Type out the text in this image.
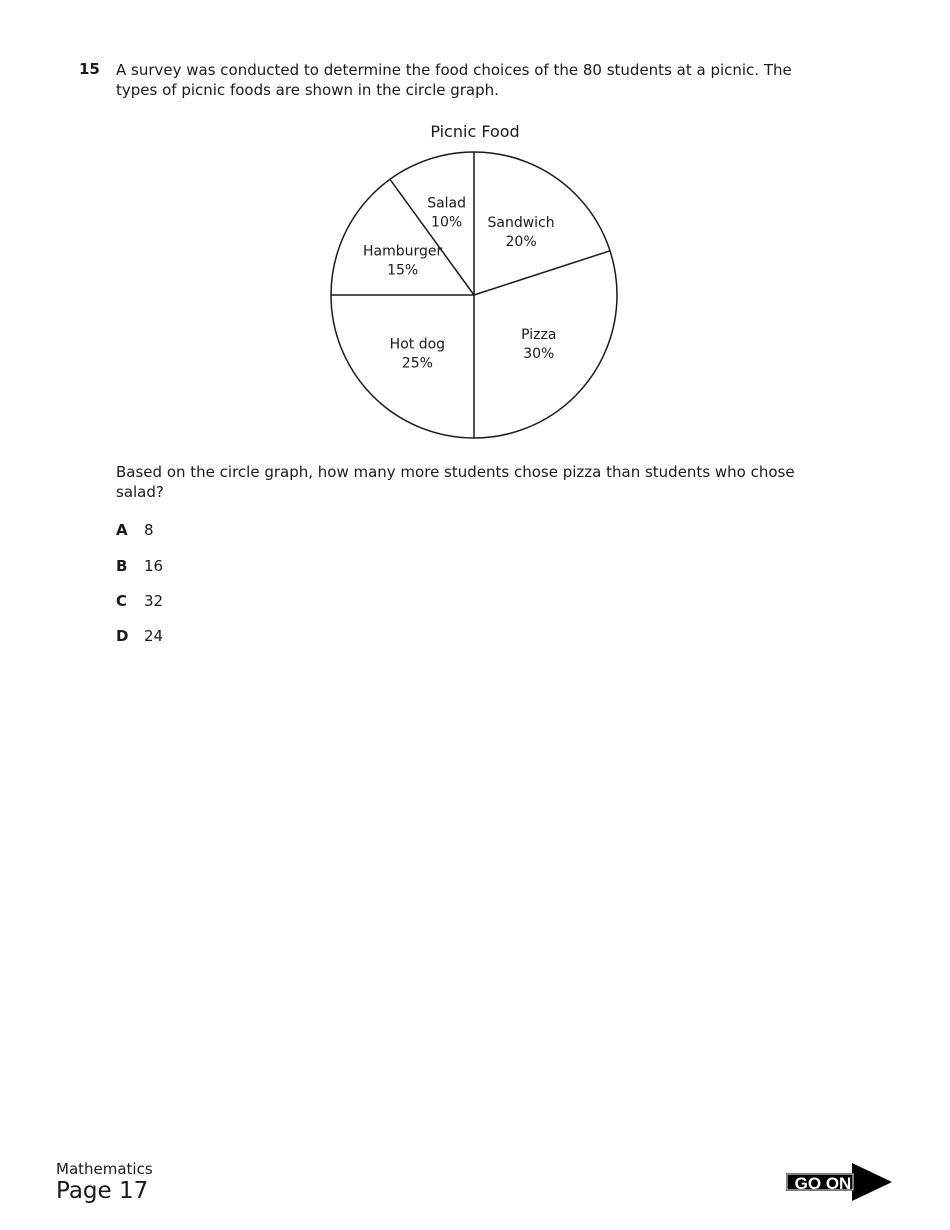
15 A survey was conducted to determine the food choices of the 80 students at a picnic. The types of picnic foods are shown in the circle graph.
Picnic Food
Sandwich
20%
Pizza
30%
Hot dog
25%
Hamburger
15%
Salad
10%
Based on the circle graph, how many more students chose pizza than students who chose salad?
A 8
B 16
C 32
D 24
Mathematics
Page 17	GO ON
